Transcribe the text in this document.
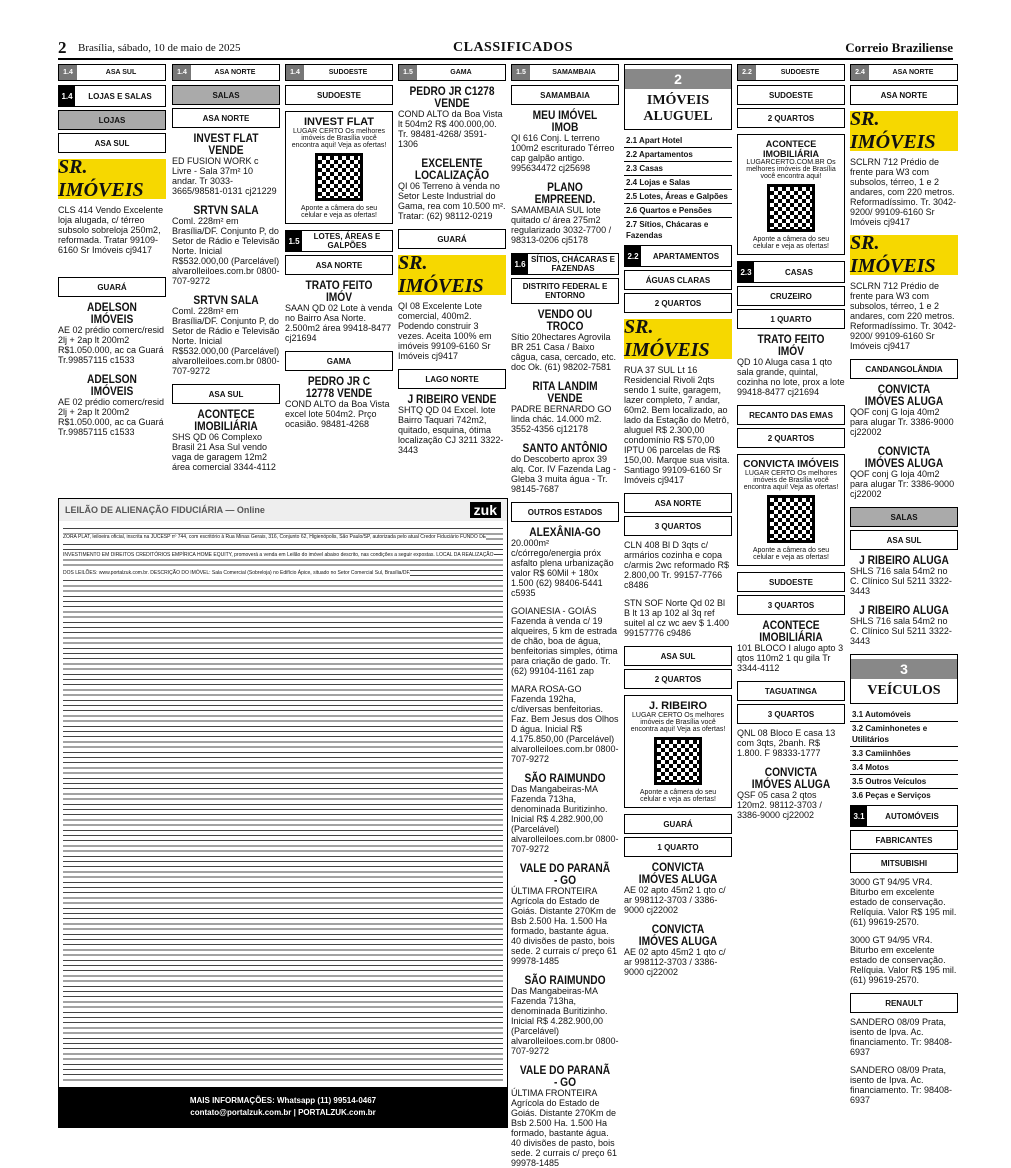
2 Brasília, sábado, 10 de maio de 2025	CLASSIFICADOS	Correio Braziliense
1.4	ASA SUL
1.4	LOJAS E SALAS
LOJAS
ASA SUL
SR. IMÓVEIS
CLS 414 Vendo Excelente loja alugada, c/ térreo subsolo sobreloja 250m2, reformada. Tratar 99109-6160 Sr Imóveis cj9417
GUARÁ
ADELSON IMÓVEIS
AE 02 prédio comerc/resid 2lj + 2ap lt 200m2 R$1.050.000, ac ca Guará Tr.99857115 c1533
ADELSON IMÓVEIS
AE 02 prédio comerc/resid 2lj + 2ap lt 200m2 R$1.050.000, ac ca Guará Tr.99857115 c1533
1.4	ASA NORTE
SALAS
ASA NORTE
INVEST FLAT VENDE
ED FUSION WORK c Livre - Sala 37m² 10 andar. Tr 3033-3665/98581-0131 cj21229
SRTVN SALA
Coml. 228m² em Brasília/DF. Conjunto P, do Setor de Rádio e Televisão Norte. Inicial R$532.000,00 (Parcelável) alvarolleiloes.com.br 0800-707-9272
SRTVN SALA
Coml. 228m² em Brasília/DF. Conjunto P, do Setor de Rádio e Televisão Norte. Inicial R$532.000,00 (Parcelável) alvarolleiloes.com.br 0800-707-9272
ASA SUL
ACONTECE IMOBILIÁRIA
SHS QD 06 Complexo Brasil 21 Asa Sul vendo vaga de garagem 12m2 área comercial 3344-4112
1.4	SUDOESTE
SUDOESTE
INVEST FLAT
LUGAR CERTO Os melhores imóveis de Brasília você encontra aqui! Veja as ofertas!
Aponte a câmera do seu celular e veja as ofertas!
1.5	LOTES, ÁREAS E GALPÕES
ASA NORTE
TRATO FEITO IMÓV
SAAN QD 02 Lote à venda no Bairro Asa Norte. 2.500m2 área 99418-8477 cj21694
GAMA
PEDRO JR C 12778 VENDE
COND ALTO da Boa Vista excel lote 504m2. Prço ocasião. 98481-4268
1.5	GAMA
PEDRO JR C1278 VENDE
COND ALTO da Boa Vista lt 504m2 R$ 400.000,00. Tr. 98481-4268/ 3591-1306
EXCELENTE LOCALIZAÇÃO
QI 06 Terreno à venda no Setor Leste Industrial do Gama, rea com 10.500 m². Tratar: (62) 98112-0219
GUARÁ
SR. IMÓVEIS
QI 08 Excelente Lote comercial, 400m2. Podendo construir 3 vezes. Aceita 100% em imóveis 99109-6160 Sr Imóveis cj9417
LAGO NORTE
J RIBEIRO VENDE
SHTQ QD 04 Excel. lote Bairro Taquari 742m2, quitado, esquina, ótima localização CJ 3211 3322-3443
1.5	SAMAMBAIA
SAMAMBAIA
MEU IMÓVEL IMOB
QI 616 Conj. L terreno 100m2 escriturado Térreo cap galpão antigo. 995634472 cj25698
PLANO EMPREEND.
SAMAMBAIA SUL lote quitado c/ área 275m2 regularizado 3032-7700 / 98313-0206 cj5178
1.6 SÍTIOS, CHÁCARAS E FAZENDAS
DISTRITO FEDERAL E ENTORNO
VENDO OU TROCO
Sítio 20hectares Agrovila BR 251 Casa / Baixo câgua, casa, cercado, etc. doc Ok. (61) 98202-7581
RITA LANDIM VENDE
PADRE BERNARDO GO linda chác. 14.000 m2. 3552-4356 cj12178
SANTO ANTÔNIO
do Descoberto aprox 39 alq. Cor. IV Fazenda Lag - Gleba 3 muita água - Tr. 98145-7687
OUTROS ESTADOS
ALEXÂNIA-GO
20.000m² c/córrego/energia próx asfalto plena urbanização valor R$ 60Mil + 180x 1.500 (62) 98406-5441 c5935
GOIANESIA - GOIÁS Fazenda à venda c/ 19 alqueires, 5 km de estrada de chão, boa de água, benfeitorias simples, ótima para criação de gado. Tr. (62) 99104-1161 zap
MARA ROSA-GO Fazenda 192ha, c/diversas benfeitorias. Faz. Bem Jesus dos Olhos D água. Inicial R$ 4.175.850,00 (Parcelável) alvarolleiloes.com.br 0800-707-9272
SÃO RAIMUNDO
Das Mangabeiras-MA Fazenda 713ha, denominada Buritizinho. Inicial R$ 4.282.900,00 (Parcelável) alvarolleiloes.com.br 0800-707-9272
VALE DO PARANÃ - GO
ÚLTIMA FRONTEIRA Agrícola do Estado de Goiás. Distante 270Km de Bsb 2.500 Ha. 1.500 Ha formado, bastante água. 40 divisões de pasto, bois sede. 2 currais c/ preço 61 99978-1485
SÃO RAIMUNDO
Das Mangabeiras-MA Fazenda 713ha, denominada Buritizinho. Inicial R$ 4.282.900,00 (Parcelável) alvarolleiloes.com.br 0800-707-9272
VALE DO PARANÃ - GO
ÚLTIMA FRONTEIRA Agrícola do Estado de Goiás. Distante 270Km de Bsb 2.500 Ha. 1.500 Ha formado, bastante água. 40 divisões de pasto, bois sede. 2 currais c/ preço 61 99978-1485
2
IMÓVEIS ALUGUEL
2.1 Apart Hotel
2.2 Apartamentos
2.3 Casas
2.4 Lojas e Salas
2.5 Lotes, Áreas e Galpões
2.6 Quartos e Pensões
2.7 Sítios, Chácaras e Fazendas
2.2	APARTAMENTOS
ÁGUAS CLARAS
2 QUARTOS
SR. IMÓVEIS
RUA 37 SUL Lt 16 Residencial Rivoli 2qts sendo 1 suíte, garagem, lazer completo, 7 andar, 60m2. Bem localizado, ao lado da Estação do Metrô, aluguel R$ 2.300,00 condomínio R$ 570,00 IPTU 06 parcelas de R$ 150,00. Marque sua visita. Santiago 99109-6160 Sr Imóveis cj9417
ASA NORTE
3 QUARTOS
CLN 408 Bl D 3qts c/ armários cozinha e copa c/armis 2wc reformado R$ 2.800,00 Tr. 99157-7766 c8486
STN SOF Norte Qd 02 Bl B lt 13 ap 102 al 3q ref suitel al cz wc aev $ 1.400 99157776 c9486
ASA SUL
2 QUARTOS
J. RIBEIRO
LUGAR CERTO Os melhores imóveis de Brasília você encontra aqui! Veja as ofertas!
Aponte a câmera do seu celular e veja as ofertas!
GUARÁ
1 QUARTO
CONVICTA IMÓVES ALUGA
AE 02 apto 45m2 1 qto c/ ar 998112-3703 / 3386-9000 cj22002
CONVICTA IMÓVES ALUGA
AE 02 apto 45m2 1 qto c/ ar 998112-3703 / 3386-9000 cj22002
2.2	SUDOESTE
SUDOESTE
2 QUARTOS
ACONTECE IMOBILIÁRIA
LUGARCERTO.COM.BR Os melhores imóveis de Brasília você encontra aqui!
Aponte a câmera do seu celular e veja as ofertas!
2.3	CASAS
CRUZEIRO
1 QUARTO
TRATO FEITO IMÓV
QD 10 Aluga casa 1 qto sala grande, quintal, cozinha no lote, prox a lote 99418-8477 cj21694
RECANTO DAS EMAS
2 QUARTOS
CONVICTA IMÓVEIS
LUGAR CERTO Os melhores imóveis de Brasília você encontra aqui! Veja as ofertas!
Aponte a câmera do seu celular e veja as ofertas!
SUDOESTE
3 QUARTOS
ACONTECE IMOBILIÁRIA
101 BLOCO I alugo apto 3 qtos 110m2 1 qu gila Tr 3344-4112
TAGUATINGA
3 QUARTOS
QNL 08 Bloco E casa 13 com 3qts, 2banh. R$ 1.800. F 98333-1777
CONVICTA IMÓVES ALUGA
QSF 05 casa 2 qtos 120m2. 98112-3703 / 3386-9000 cj22002
2.4	ASA NORTE
ASA NORTE
SR. IMÓVEIS
SCLRN 712 Prédio de frente para W3 com subsolos, térreo, 1 e 2 andares, com 220 metros. Reformadíssimo. Tr. 3042-9200/ 99109-6160 Sr Imóveis cj9417
SR. IMÓVEIS
SCLRN 712 Prédio de frente para W3 com subsolos, térreo, 1 e 2 andares, com 220 metros. Reformadíssimo. Tr. 3042-9200/ 99109-6160 Sr Imóveis cj9417
CANDANGOLÂNDIA
CONVICTA IMÓVES ALUGA
QOF conj G loja 40m2 para alugar Tr. 3386-9000 cj22002
CONVICTA IMÓVES ALUGA
QOF conj G loja 40m2 para alugar Tr: 3386-9000 cj22002
SALAS
ASA SUL
J RIBEIRO ALUGA
SHLS 716 sala 54m2 no C. Clínico Sul 5211 3322-3443
J RIBEIRO ALUGA
SHLS 716 sala 54m2 no C. Clínico Sul 5211 3322-3443
3
VEÍCULOS
3.1 Automóveis
3.2 Caminhonetes e Utilitários
3.3 Camiinhões
3.4 Motos
3.5 Outros Veículos
3.6 Peças e Serviços
3.1	AUTOMÓVEIS
FABRICANTES
MITSUBISHI
3000 GT 94/95 VR4. Biturbo em excelente estado de conservação. Relíquia. Valor R$ 195 mil. (61) 99619-2570.
3000 GT 94/95 VR4. Biturbo em excelente estado de conservação. Relíquia. Valor R$ 195 mil. (61) 99619-2570.
RENAULT
SANDERO 08/09 Prata, isento de Ipva. Ac. financiamento. Tr: 98408-6937
SANDERO 08/09 Prata, isento de Ipva. Ac. financiamento. Tr: 98408-6937
LEILÃO DE ALIENAÇÃO FIDUCIÁRIA — Online	zuk

ZORA PLAT, leiloeira oficial, inscrita na JUCESP nº 744, com escritório à Rua Minas Gerais, 316, Conjunto 62, Higienópolis, São Paulo/SP, autorizada pelo atual Credor Fiduciário FUNDO DE INVESTIMENTO EM DIREITOS CREDITÓRIOS EMPÍRICA HOME EQUITY, promoverá a venda em Leilão do imóvel abaixo descrito, nas condições a seguir expostas. LOCAL DA REALIZAÇÃO DOS LEILÕES: www.portalzuk.com.br. DESCRIÇÃO DO IMÓVEL: Sala Comercial (Sobreloja) no Edifício Ápice, situado no Setor Comercial Sul, Brasília/DF.

MAIS INFORMAÇÕES: Whatsapp (11) 99514-0467
contato@portalzuk.com.br | PORTALZUK.com.br
